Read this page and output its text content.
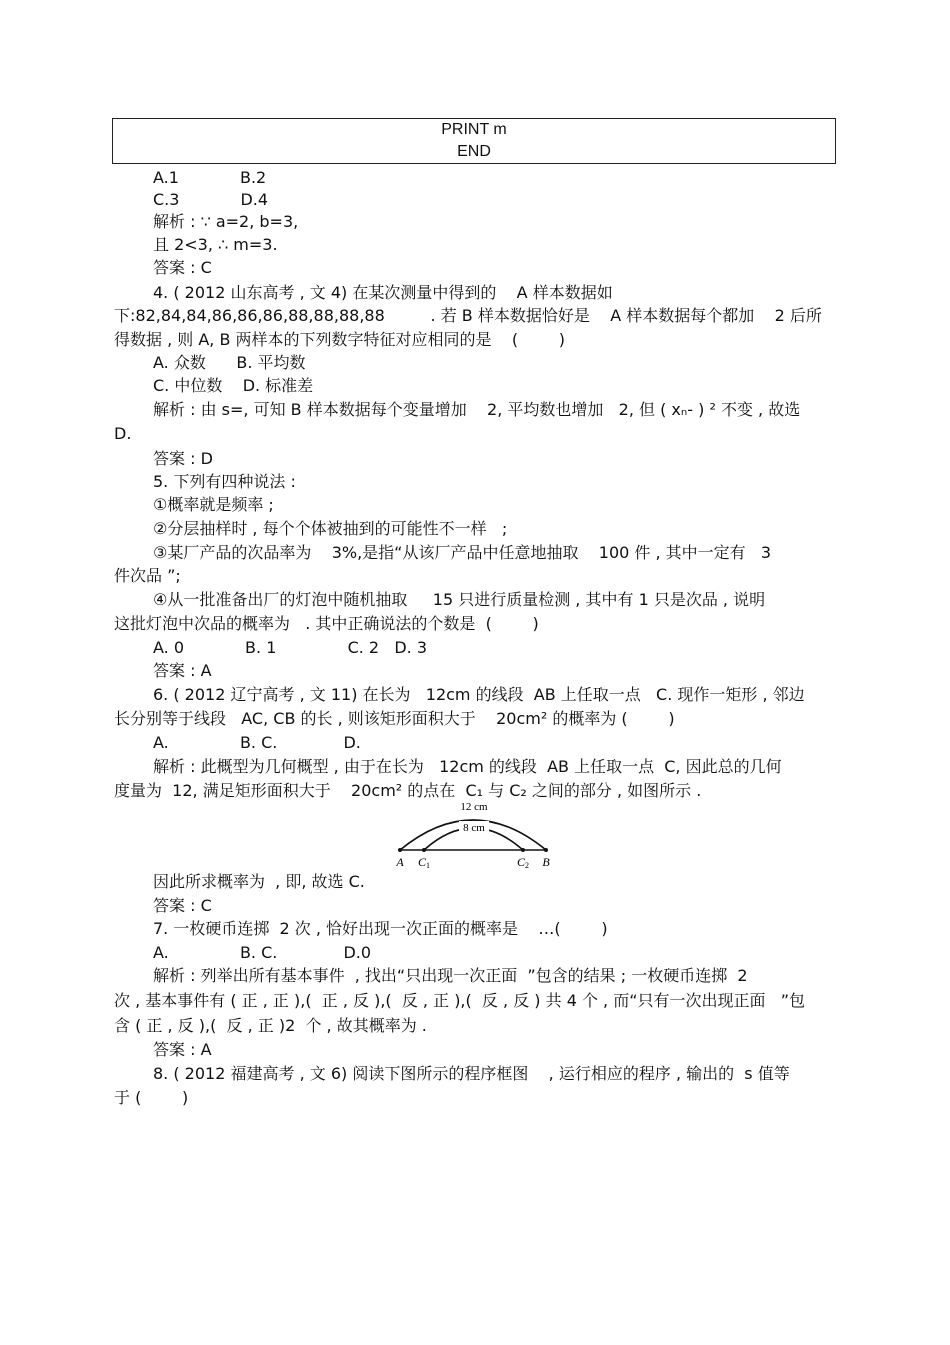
PRINT m
END
A.1            B.2
C.3            D.4
解析 : ∵ a=2, b=3,
且 2<3, ∴ m=3.
答案 : C
4. ( 2012 山东高考 , 文 4) 在某次测量中得到的    A 样本数据如
下:82,84,84,86,86,86,88,88,88,88         . 若 B 样本数据恰好是    A 样本数据每个都加    2 后所
得数据 , 则 A, B 两样本的下列数字特征对应相同的是    (        )
A. 众数      B. 平均数
C. 中位数    D. 标准差
解析 : 由 s=, 可知 B 样本数据每个变量增加    2, 平均数也增加   2, 但 ( xₙ- ) ² 不变 , 故选
D.
答案 : D
5. 下列有四种说法 :
①概率就是频率 ;
②分层抽样时 , 每个个体被抽到的可能性不一样   ;
③某厂产品的次品率为    3%,是指“从该厂产品中任意地抽取    100 件 , 其中一定有   3
件次品 ”;
④从一批准备出厂的灯泡中随机抽取     15 只进行质量检测 , 其中有 1 只是次品 , 说明
这批灯泡中次品的概率为   . 其中正确说法的个数是  (        )
A. 0            B. 1              C. 2   D. 3
答案 : A
6. ( 2012 辽宁高考 , 文 11) 在长为   12cm 的线段  AB 上任取一点   C. 现作一矩形 , 邻边
长分别等于线段   AC, CB 的长 , 则该矩形面积大于    20cm² 的概率为 (        )
A.              B. C.             D.
解析 : 此概型为几何概型 , 由于在长为   12cm 的线段  AB 上任取一点  C, 因此总的几何
度量为  12, 满足矩形面积大于    20cm² 的点在  C₁ 与 C₂ 之间的部分 , 如图所示 .
12 cm
8 cm
A C1	C2 B
因此所求概率为  , 即, 故选 C.
答案 : C
7. 一枚硬币连掷  2 次 , 恰好出现一次正面的概率是    …(        )
A.              B. C.             D.0
解析 : 列举出所有基本事件  , 找出“只出现一次正面  ”包含的结果 ; 一枚硬币连掷  2
次 , 基本事件有 ( 正 , 正 ),(  正 , 反 ),(  反 , 正 ),(  反 , 反 ) 共 4 个 , 而“只有一次出现正面   ”包
含 ( 正 , 反 ),(  反 , 正 )2  个 , 故其概率为 .
答案 : A
8. ( 2012 福建高考 , 文 6) 阅读下图所示的程序框图    , 运行相应的程序 , 输出的  s 值等
于 (        )
